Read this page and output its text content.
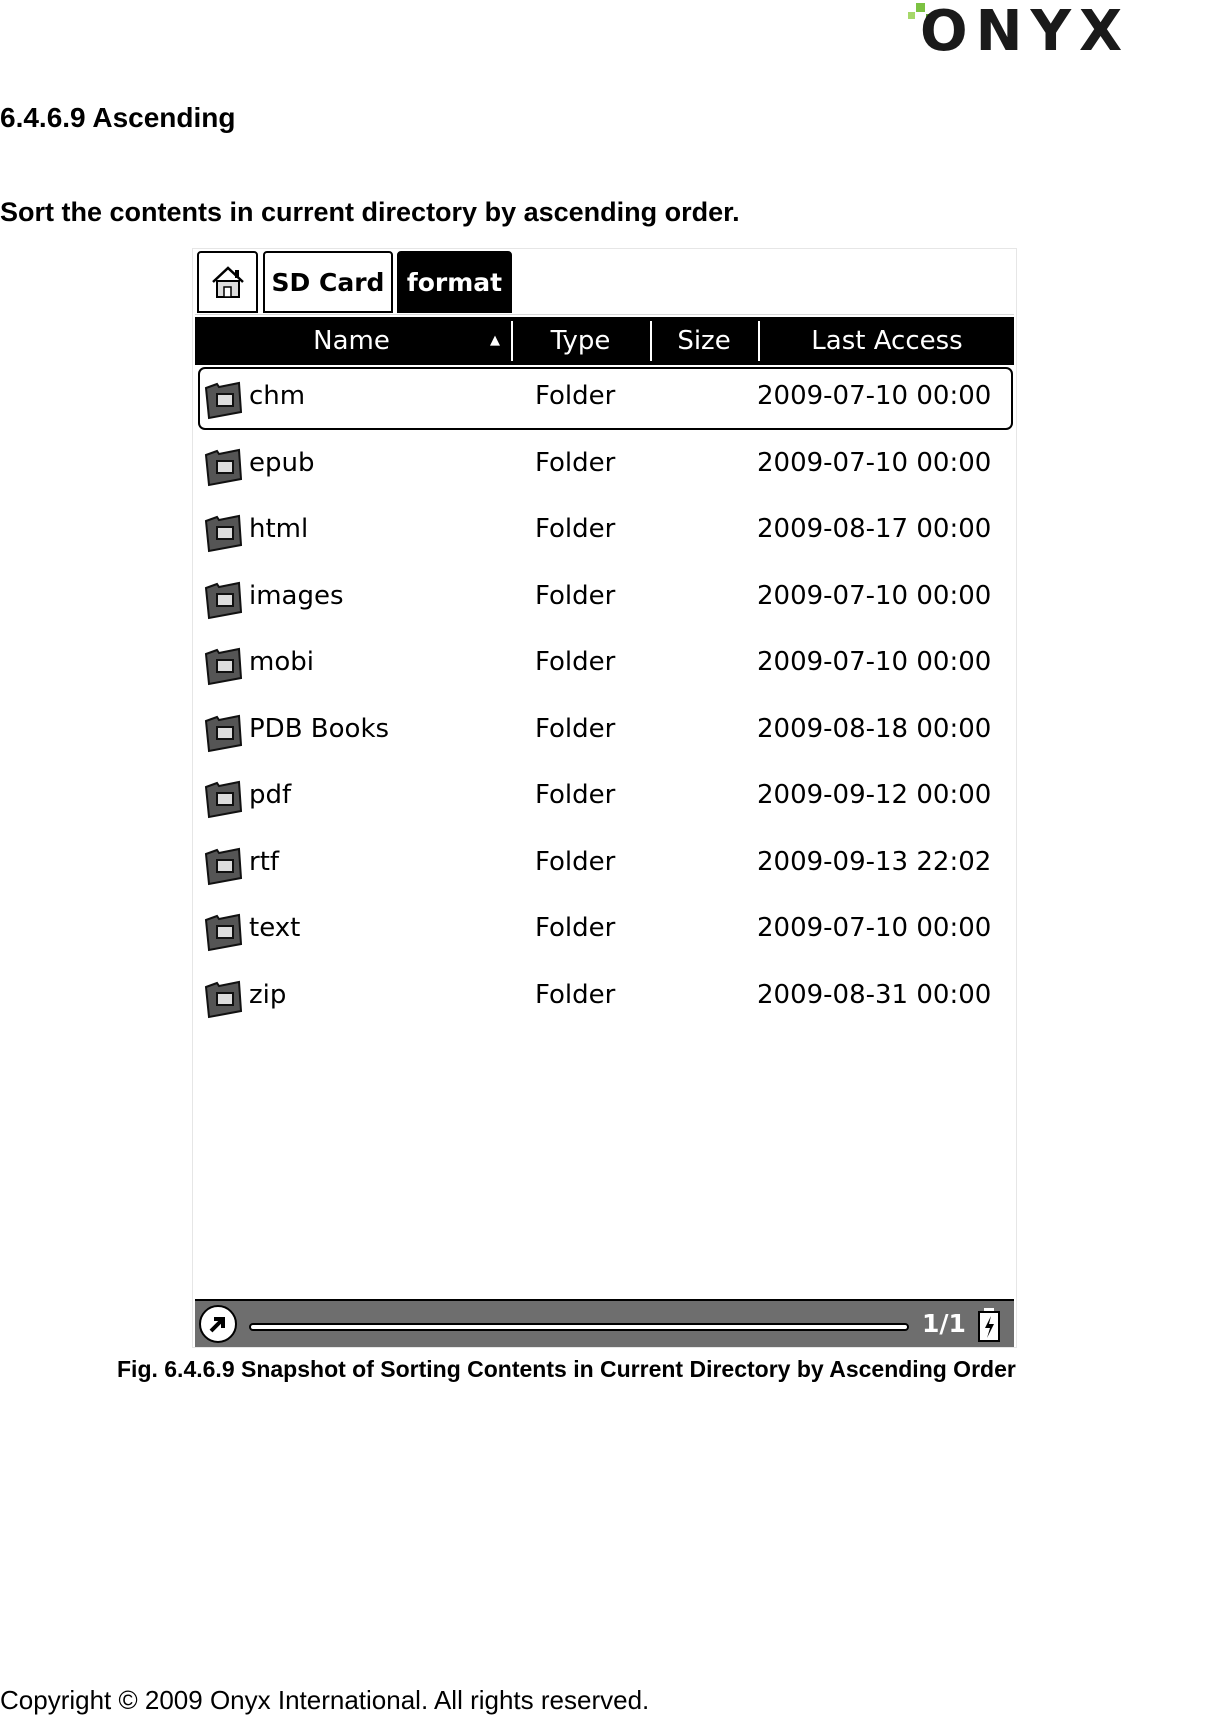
ONYX
6.4.6.9 Ascending
Sort the contents in current directory by ascending order.
SD Card format
Name	▲	Type	Size	Last Access
chm	Folder	2009-07-10 00:00
epub	Folder	2009-07-10 00:00
html	Folder	2009-08-17 00:00
images	Folder	2009-07-10 00:00
mobi	Folder	2009-07-10 00:00
PDB Books	Folder	2009-08-18 00:00
pdf	Folder	2009-09-12 00:00
rtf	Folder	2009-09-13 22:02
text	Folder	2009-07-10 00:00
zip	Folder	2009-08-31 00:00
1/1
Fig. 6.4.6.9 Snapshot of Sorting Contents in Current Directory by Ascending Order
Copyright © 2009 Onyx International. All rights reserved.
